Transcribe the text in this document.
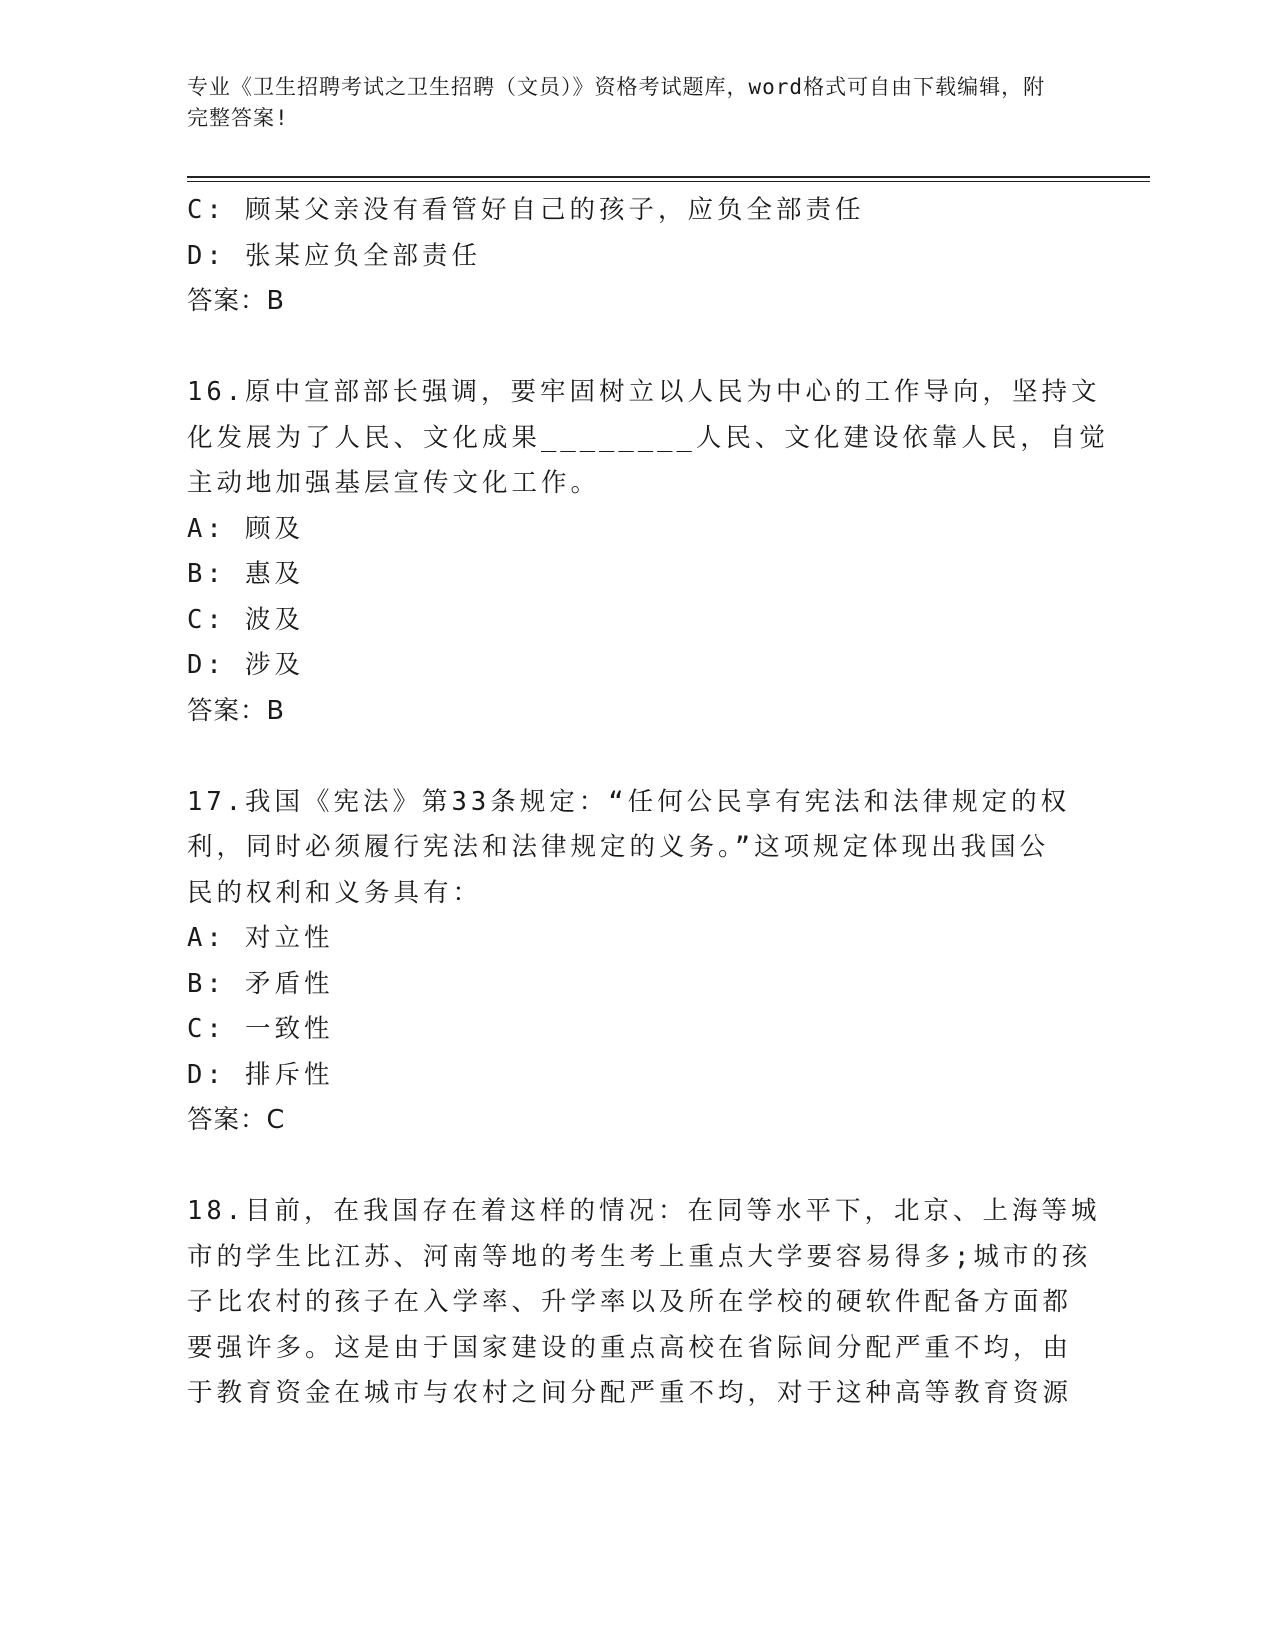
专业《卫生招聘考试之卫生招聘（文员）》资格考试题库，word格式可自由下载编辑，附完整答案!
C: 顾某父亲没有看管好自己的孩子，应负全部责任
D: 张某应负全部责任
答案：B
16.原中宣部部长强调，要牢固树立以人民为中心的工作导向，坚持文
化发展为了人民、文化成果________人民、文化建设依靠人民，自觉
主动地加强基层宣传文化工作。
A: 顾及
B: 惠及
C: 波及
D: 涉及
答案：B
17.我国《宪法》第33条规定：“任何公民享有宪法和法律规定的权
利，同时必须履行宪法和法律规定的义务。”这项规定体现出我国公
民的权利和义务具有：
A: 对立性
B: 矛盾性
C: 一致性
D: 排斥性
答案：C
18.目前，在我国存在着这样的情况：在同等水平下，北京、上海等城
市的学生比江苏、河南等地的考生考上重点大学要容易得多;城市的孩
子比农村的孩子在入学率、升学率以及所在学校的硬软件配备方面都
要强许多。这是由于国家建设的重点高校在省际间分配严重不均，由
于教育资金在城市与农村之间分配严重不均，对于这种高等教育资源
